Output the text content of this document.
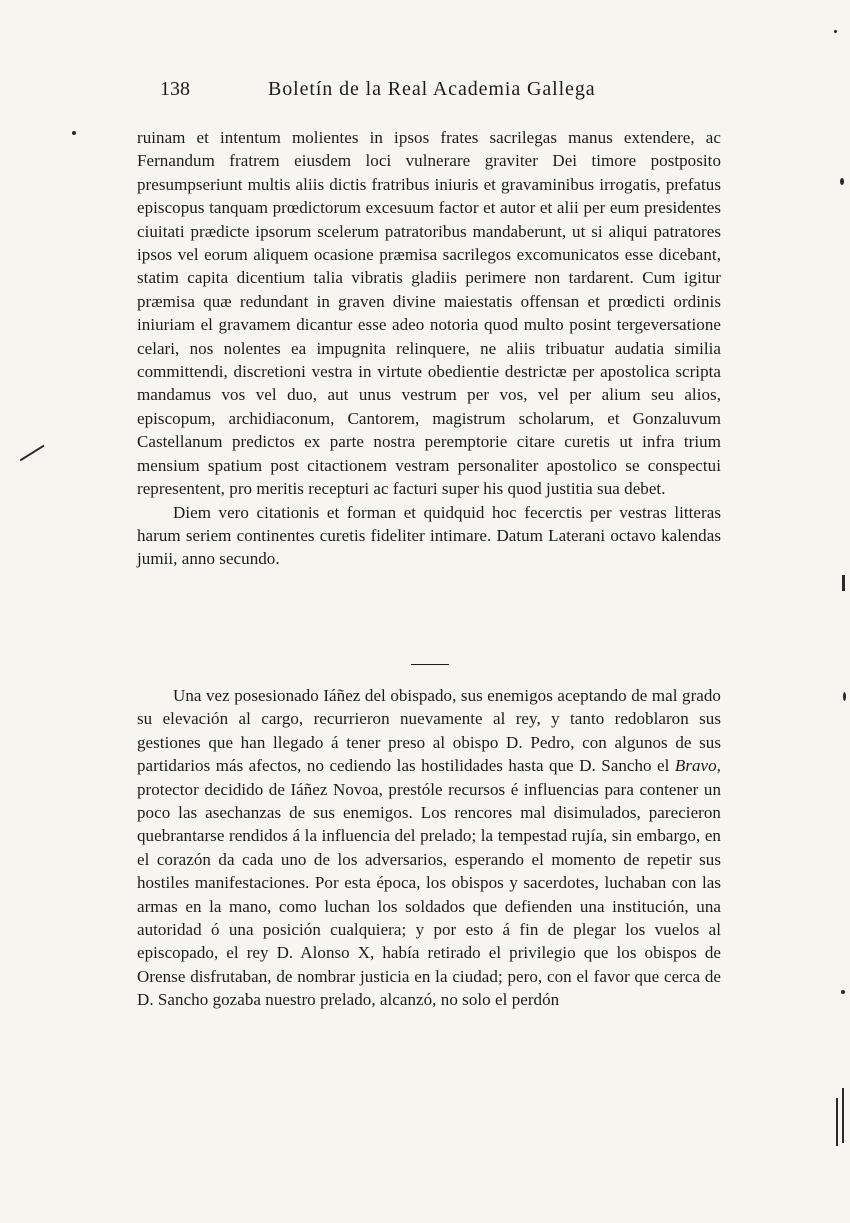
138	Boletín de la Real Academia Gallega

ruinam et intentum molientes in ipsos frates sacrilegas manus extendere, ac Fernandum fratrem eiusdem loci vulnerare graviter Dei timore postposito presumpseriunt multis aliis dictis fratribus iniuris et gravaminibus irrogatis, prefatus episcopus tanquam prœdictorum excesuum factor et autor et alii per eum presidentes ciuitati prædicte ipsorum scelerum patratoribus mandaberunt, ut si aliqui patratores ipsos vel eorum aliquem ocasione præmisa sacrilegos excomunicatos esse dicebant, statim capita dicentium talia vibratis gladiis perimere non tardarent. Cum igitur præmisa quæ redundant in graven divine maiestatis offensan et prœdicti ordinis iniuriam el gravamem dicantur esse adeo notoria quod multo posint tergeversatione celari, nos nolentes ea impugnita relinquere, ne aliis tribuatur audatia similia committendi, discretioni vestra in virtute obedientie destrictæ per apostolica scripta mandamus vos vel duo, aut unus vestrum per vos, vel per alium seu alios, episcopum, archidiaconum, Cantorem, magistrum scholarum, et Gonzaluvum Castellanum predictos ex parte nostra peremptorie citare curetis ut infra trium mensium spatium post citactionem vestram personaliter apostolico se conspectui representent, pro meritis recepturi ac facturi super his quod justitia sua debet.

Diem vero citationis et forman et quidquid hoc fecerctis per vestras litteras harum seriem continentes curetis fideliter intimare. Datum Laterani octavo kalendas jumii, anno secundo.

Una vez posesionado Iáñez del obispado, sus enemigos aceptando de mal grado su elevación al cargo, recurrieron nuevamente al rey, y tanto redoblaron sus gestiones que han llegado á tener preso al obispo D. Pedro, con algunos de sus partidarios más afectos, no cediendo las hostilidades hasta que D. Sancho el Bravo, protector decidido de Iáñez Novoa, prestóle recursos é influencias para contener un poco las asechanzas de sus enemigos. Los rencores mal disimulados, parecieron quebrantarse rendidos á la influencia del prelado; la tempestad rujía, sin embargo, en el corazón da cada uno de los adversarios, esperando el momento de repetir sus hostiles manifestaciones. Por esta época, los obispos y sacerdotes, luchaban con las armas en la mano, como luchan los soldados que defienden una institución, una autoridad ó una posición cualquiera; y por esto á fin de plegar los vuelos al episcopado, el rey D. Alonso X, había retirado el privilegio que los obispos de Orense disfrutaban, de nombrar justicia en la ciudad; pero, con el favor que cerca de D. Sancho gozaba nuestro prelado, alcanzó, no solo el perdón
